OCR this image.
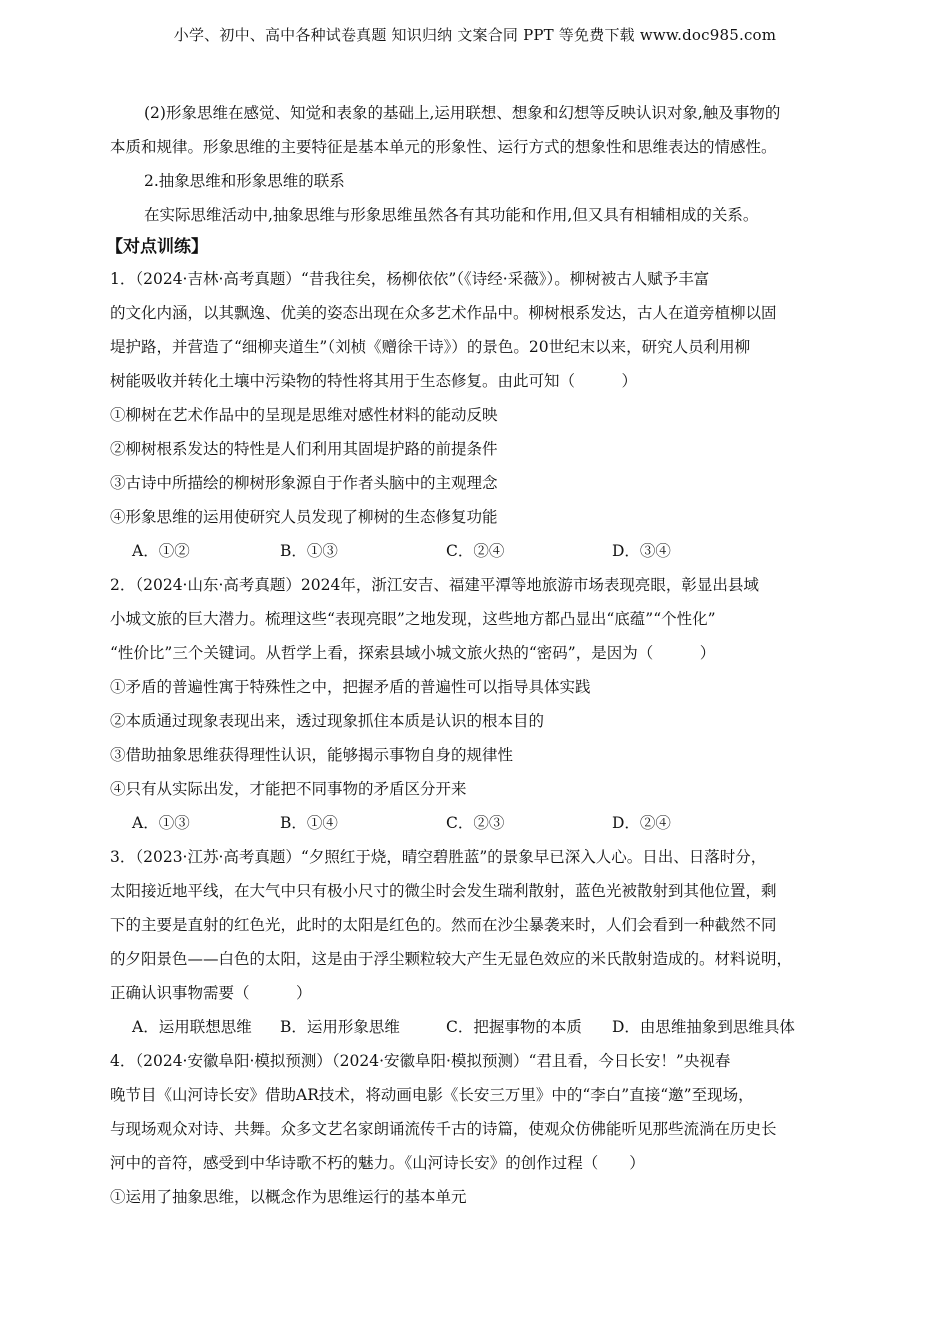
小学、初中、高中各种试卷真题 知识归纳 文案合同 PPT 等免费下载 www.doc985.com
(2)形象思维在感觉、知觉和表象的基础上,运用联想、想象和幻想等反映认识对象,触及事物的
本质和规律。形象思维的主要特征是基本单元的形象性、运行方式的想象性和思维表达的情感性。
2.抽象思维和形象思维的联系
在实际思维活动中,抽象思维与形象思维虽然各有其功能和作用,但又具有相辅相成的关系。
【对点训练】
1．（2024·吉林·高考真题）“昔我往矣，杨柳依依”（《诗经·采薇》）。柳树被古人赋予丰富
的文化内涵，以其飘逸、优美的姿态出现在众多艺术作品中。柳树根系发达，古人在道旁植柳以固
堤护路，并营造了“细柳夹道生”（刘桢《赠徐干诗》）的景色。20世纪末以来，研究人员利用柳
树能吸收并转化土壤中污染物的特性将其用于生态修复。由此可知（　　　）
①柳树在艺术作品中的呈现是思维对感性材料的能动反映
②柳树根系发达的特性是人们利用其固堤护路的前提条件
③古诗中所描绘的柳树形象源自于作者头脑中的主观理念
④形象思维的运用使研究人员发现了柳树的生态修复功能
A．①②	B．①③	C．②④	D．③④
2．（2024·山东·高考真题）2024年，浙江安吉、福建平潭等地旅游市场表现亮眼，彰显出县域
小城文旅的巨大潜力。梳理这些“表现亮眼”之地发现，这些地方都凸显出“底蕴”“个性化”
“性价比”三个关键词。从哲学上看，探索县域小城文旅火热的“密码”，是因为（　　　）
①矛盾的普遍性寓于特殊性之中，把握矛盾的普遍性可以指导具体实践
②本质通过现象表现出来，透过现象抓住本质是认识的根本目的
③借助抽象思维获得理性认识，能够揭示事物自身的规律性
④只有从实际出发，才能把不同事物的矛盾区分开来
A．①③	B．①④	C．②③	D．②④
3．（2023·江苏·高考真题）“夕照红于烧，晴空碧胜蓝”的景象早已深入人心。日出、日落时分，
太阳接近地平线，在大气中只有极小尺寸的微尘时会发生瑞利散射，蓝色光被散射到其他位置，剩
下的主要是直射的红色光，此时的太阳是红色的。然而在沙尘暴袭来时，人们会看到一种截然不同
的夕阳景色——白色的太阳，这是由于浮尘颗粒较大产生无显色效应的米氏散射造成的。材料说明，
正确认识事物需要（　　　）
A．运用联想思维	B．运用形象思维	C．把握事物的本质	D．由思维抽象到思维具体
4．（2024·安徽阜阳·模拟预测）（2024·安徽阜阳·模拟预测）“君且看，今日长安！”央视春
晚节目《山河诗长安》借助AR技术，将动画电影《长安三万里》中的“李白”直接“邀”至现场，
与现场观众对诗、共舞。众多文艺名家朗诵流传千古的诗篇，使观众仿佛能听见那些流淌在历史长
河中的音符，感受到中华诗歌不朽的魅力。《山河诗长安》的创作过程（　　）
①运用了抽象思维，以概念作为思维运行的基本单元
